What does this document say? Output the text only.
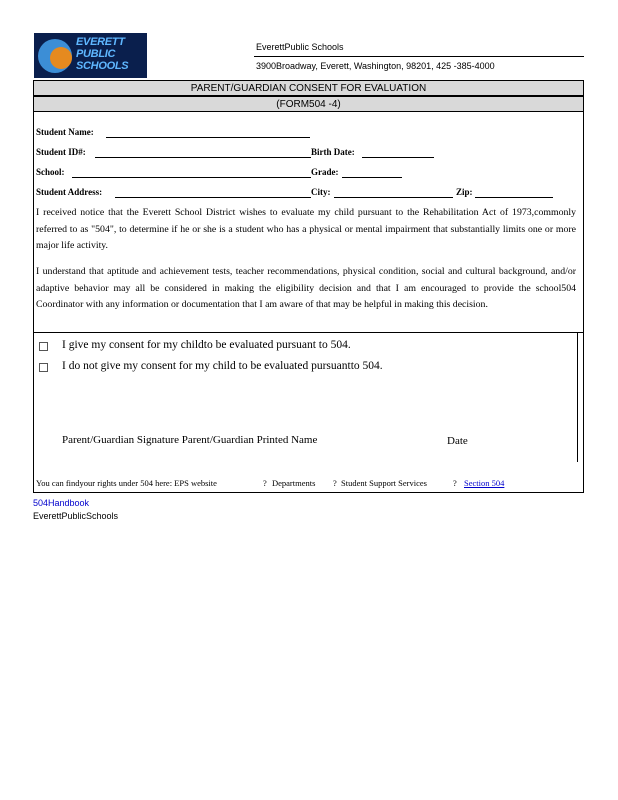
EVERETT
PUBLIC
SCHOOLS
EverettPublic Schools
3900Broadway, Everett, Washington, 98201, 425 -385-4000
PARENT/GUARDIAN CONSENT FOR EVALUATION
(FORM504 -4)
Student Name:
Student ID#:	Birth Date:
School:	Grade:
Student Address:	City:	Zip:
I received notice that the Everett School District wishes to evaluate my child pursuant to the Rehabilitation Act of 1973,commonly referred to as "504", to determine if he or she is a student who has a physical or mental impairment that substantially limits one or more major life activity.
I understand that aptitude and achievement tests, teacher recommendations, physical condition, social and cultural background, and/or adaptive behavior may all be considered in making the eligibility decision and that I am encouraged to provide the school504 Coordinator with any information or documentation that I am aware of that may be helpful in making this decision.
I give my consent for my childto be evaluated pursuant to 504.
I do not give my consent for my child to be evaluated pursuantto 504.
Parent/Guardian Signature Parent/Guardian Printed Name	Date
You can findyour rights under 504 here: EPS website	? Departments ? Student Support Services	? Section 504
504Handbook
EverettPublicSchools
